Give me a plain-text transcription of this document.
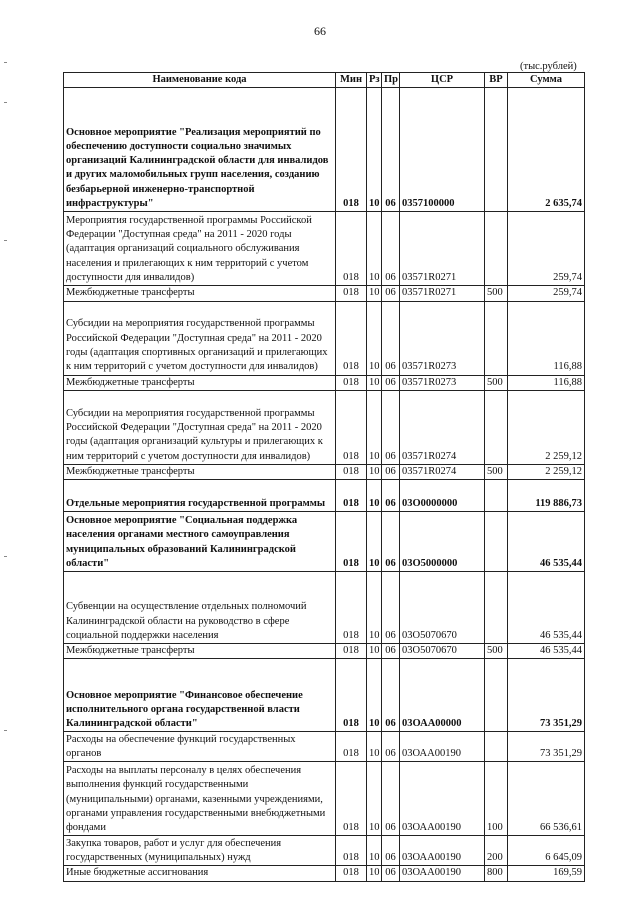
66
(тыс.рублей)
Наименование кода	Мин	Рз	Пр	ЦСР	ВР	Сумма
Основное мероприятие "Реализация мероприятий по обеспечению доступности социально значимых организаций Калининградской области для инвалидов и других маломобильных групп населения, созданию безбарьерной инженерно-транспортной инфраструктуры"	018	10	06	0357100000		2 635,74
Мероприятия государственной программы Российской Федерации "Доступная среда" на 2011 - 2020 годы (адаптация организаций социального обслуживания населения и прилегающих к ним территорий с учетом доступности для инвалидов)	018	10	06	03571R0271		259,74
Межбюджетные трансферты	018	10	06	03571R0271	500	259,74
Субсидии на мероприятия государственной программы Российской Федерации "Доступная среда" на 2011 - 2020 годы (адаптация спортивных организаций и прилегающих к ним территорий с учетом доступности для инвалидов)	018	10	06	03571R0273		116,88
Межбюджетные трансферты	018	10	06	03571R0273	500	116,88
Субсидии на мероприятия государственной программы Российской Федерации "Доступная среда" на 2011 - 2020 годы (адаптация организаций культуры и прилегающих к ним территорий с учетом доступности для инвалидов)	018	10	06	03571R0274		2 259,12
Межбюджетные трансферты	018	10	06	03571R0274	500	2 259,12
Отдельные мероприятия государственной программы	018	10	06	03О0000000		119 886,73
Основное мероприятие "Социальная поддержка населения органами местного самоуправления муниципальных образований Калининградской области"	018	10	06	03О5000000		46 535,44
Субвенции на осуществление отдельных полномочий Калининградской области на руководство в сфере социальной поддержки населения	018	10	06	03О5070670		46 535,44
Межбюджетные трансферты	018	10	06	03О5070670	500	46 535,44
Основное мероприятие "Финансовое обеспечение исполнительного органа государственной власти Калининградской области"	018	10	06	03ОАА00000		73 351,29
Расходы на обеспечение функций государственных органов	018	10	06	03ОАА00190		73 351,29
Расходы на выплаты персоналу в целях обеспечения выполнения функций государственными (муниципальными) органами, казенными учреждениями, органами управления государственными внебюджетными фондами	018	10	06	03ОАА00190	100	66 536,61
Закупка товаров, работ и услуг для обеспечения государственных (муниципальных) нужд	018	10	06	03ОАА00190	200	6 645,09
Иные бюджетные ассигнования	018	10	06	03ОАА00190	800	169,59
